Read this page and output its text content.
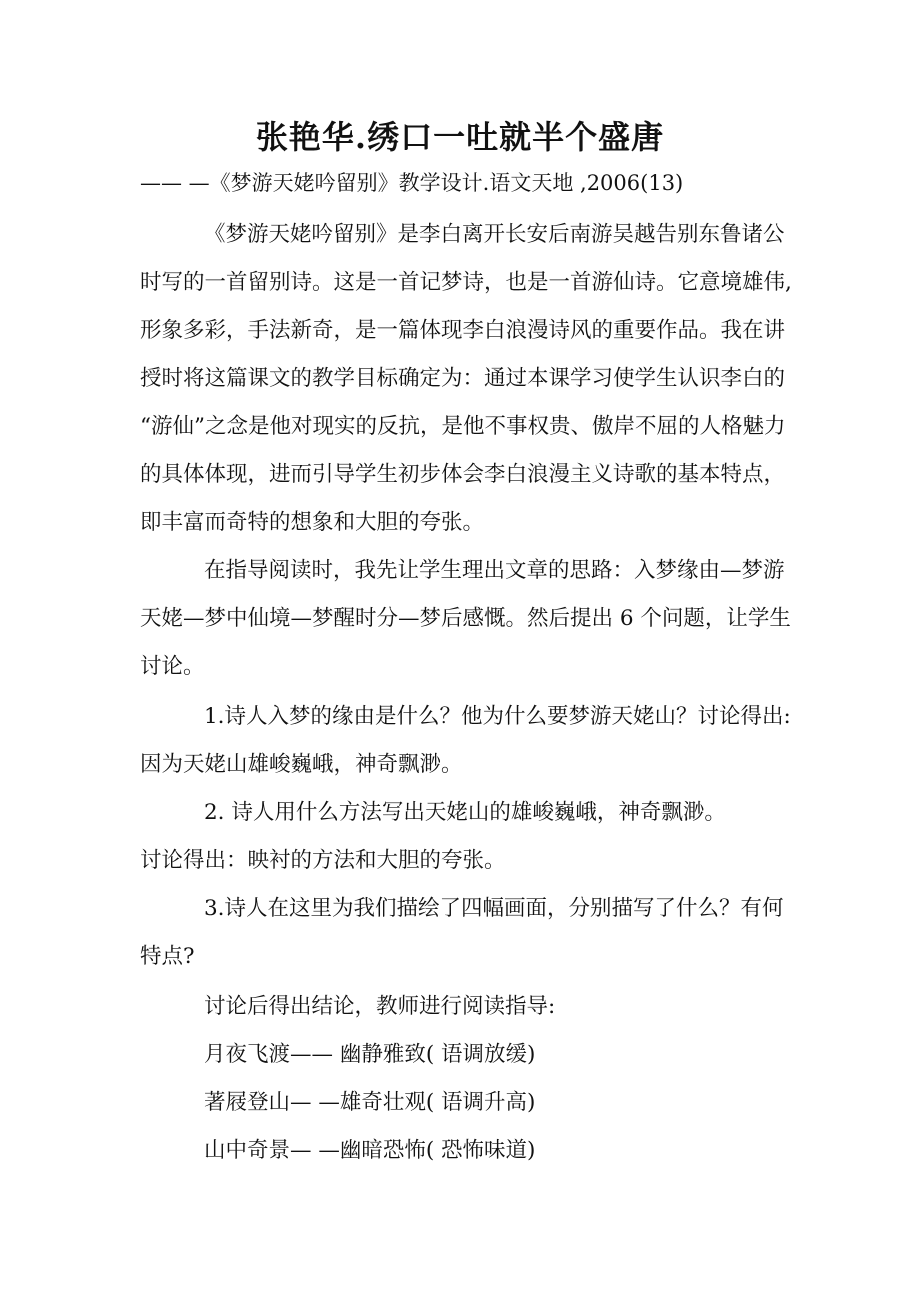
张艳华.绣口一吐就半个盛唐

—— —《梦游天姥吟留别》教学设计.语文天地 ,2006(13)

《梦游天姥吟留别》是李白离开长安后南游吴越告别东鲁诸公

时写的一首留别诗。这是一首记梦诗，也是一首游仙诗。它意境雄伟,

形象多彩，手法新奇，是一篇体现李白浪漫诗风的重要作品。我在讲

授时将这篇课文的教学目标确定为：通过本课学习使学生认识李白的

“游仙”之念是他对现实的反抗，是他不事权贵、傲岸不屈的人格魅力

的具体体现，进而引导学生初步体会李白浪漫主义诗歌的基本特点，

即丰富而奇特的想象和大胆的夸张。

在指导阅读时，我先让学生理出文章的思路：入梦缘由—梦游

天姥—梦中仙境—梦醒时分—梦后感慨。然后提出 6 个问题，让学生

讨论。

1.诗人入梦的缘由是什么？他为什么要梦游天姥山？讨论得出:

因为天姥山雄峻巍峨，神奇飘渺。

2. 诗人用什么方法写出天姥山的雄峻巍峨，神奇飘渺。

讨论得出：映衬的方法和大胆的夸张。

3.诗人在这里为我们描绘了四幅画面，分别描写了什么？有何

特点?

讨论后得出结论，教师进行阅读指导:

月夜飞渡—— 幽静雅致( 语调放缓)

著屐登山— —雄奇壮观( 语调升高)

山中奇景— —幽暗恐怖( 恐怖味道)
